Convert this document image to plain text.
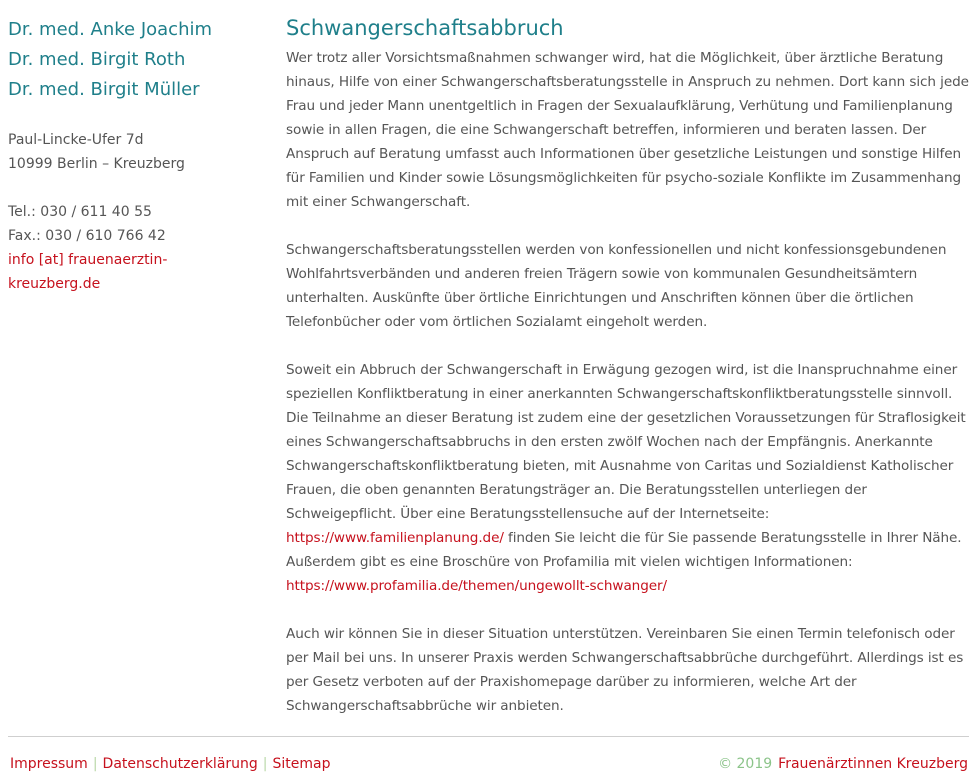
Dr. med. Anke Joachim
Dr. med. Birgit Roth
Dr. med. Birgit Müller
Paul-Lincke-Ufer 7d
10999 Berlin – Kreuzberg
Tel.: 030 / 611 40 55
Fax.: 030 / 610 766 42
info [at] frauenaerztin-
kreuzberg.de
Schwangerschaftsabbruch

Wer trotz aller Vorsichtsmaßnahmen schwanger wird, hat die Möglichkeit, über ärztliche Beratung hinaus, Hilfe von einer Schwangerschaftsberatungsstelle in Anspruch zu nehmen. Dort kann sich jede Frau und jeder Mann unentgeltlich in Fragen der Sexualaufklärung, Verhütung und Familienplanung sowie in allen Fragen, die eine Schwangerschaft betreffen, informieren und beraten lassen. Der Anspruch auf Beratung umfasst auch Informationen über gesetzliche Leistungen und sonstige Hilfen für Familien und Kinder sowie Lösungsmöglichkeiten für psycho-soziale Konflikte im Zusammenhang mit einer Schwangerschaft.

Schwangerschaftsberatungsstellen werden von konfessionellen und nicht konfessionsgebundenen Wohlfahrtsverbänden und anderen freien Trägern sowie von kommunalen Gesundheitsämtern unterhalten. Auskünfte über örtliche Einrichtungen und Anschriften können über die örtlichen Telefonbücher oder vom örtlichen Sozialamt eingeholt werden.

Soweit ein Abbruch der Schwangerschaft in Erwägung gezogen wird, ist die Inanspruchnahme einer speziellen Konfliktberatung in einer anerkannten Schwangerschaftskonfliktberatungsstelle sinnvoll. Die Teilnahme an dieser Beratung ist zudem eine der gesetzlichen Voraussetzungen für Straflosigkeit eines Schwangerschaftsabbruchs in den ersten zwölf Wochen nach der Empfängnis. Anerkannte Schwangerschaftskonfliktberatung bieten, mit Ausnahme von Caritas und Sozialdienst Katholischer Frauen, die oben genannten Beratungsträger an. Die Beratungsstellen unterliegen der Schweigepflicht. Über eine Beratungsstellensuche auf der Internetseite: https://www.familienplanung.de/ finden Sie leicht die für Sie passende Beratungsstelle in Ihrer Nähe. Außerdem gibt es eine Broschüre von Profamilia mit vielen wichtigen Informationen: https://www.profamilia.de/themen/ungewollt-schwanger/

Auch wir können Sie in dieser Situation unterstützen. Vereinbaren Sie einen Termin telefonisch oder per Mail bei uns. In unserer Praxis werden Schwangerschaftsabbrüche durchgeführt. Allerdings ist es per Gesetz verboten auf der Praxishomepage darüber zu informieren, welche Art der Schwangerschaftsabbrüche wir anbieten.

Impressum | Datenschutzerklärung | Sitemap	© 2019 Frauenärztinnen Kreuzberg
